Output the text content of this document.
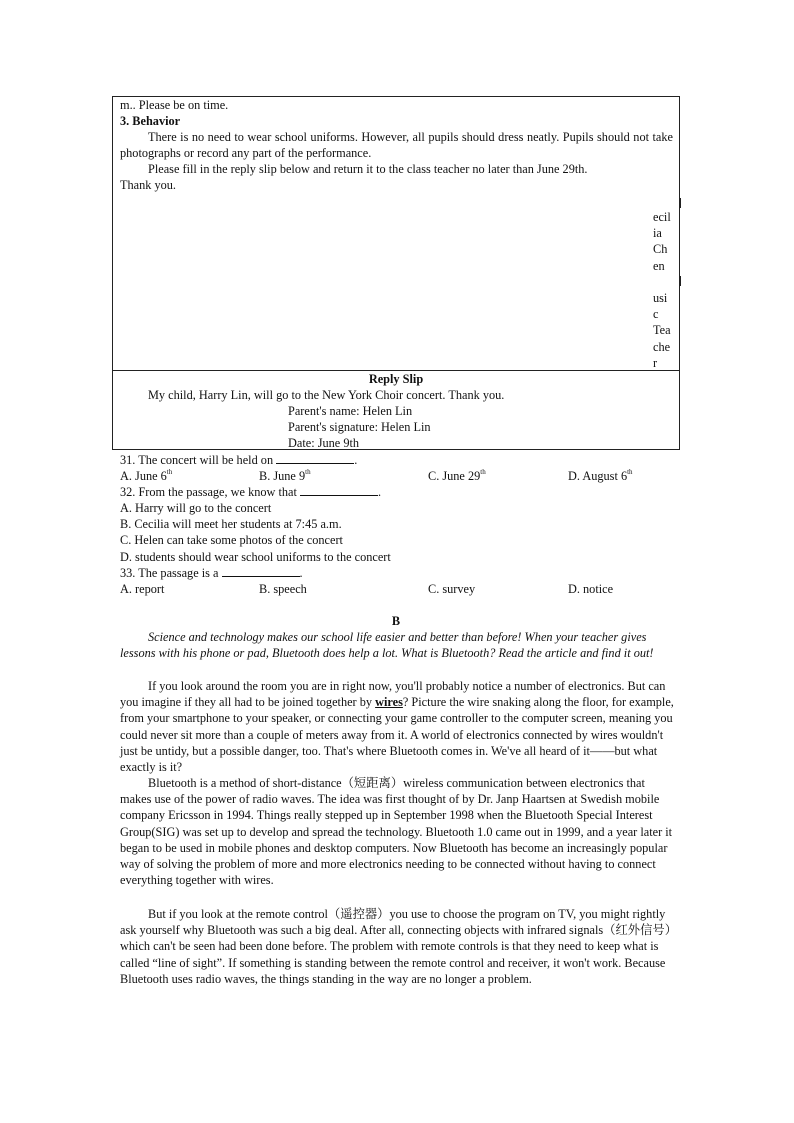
m.. Please be on time.
3. Behavior
There is no need to wear school uniforms. However, all pupils should dress neatly. Pupils should not take photographs or record any part of the performance.
Please fill in the reply slip below and return it to the class teacher no later than June 29th.
Thank you.
ecil
ia
Ch
en
usi
c
Tea
che
r
Reply Slip
My child, Harry Lin, will go to the New York Choir concert. Thank you.
Parent's name: Helen Lin
Parent's signature: Helen Lin
Date: June 9th
31. The concert will be held on	.
A. June 6th	B. June 9th	C. June 29th	D. August 6th
32. From the passage, we know that	.
A. Harry will go to the concert
B. Cecilia will meet her students at 7:45 a.m.
C. Helen can take some photos of the concert
D. students should wear school uniforms to the concert
33. The passage is a	.
A. report	B. speech	C. survey	D. notice
B
Science and technology makes our school life easier and better than before! When your teacher gives lessons with his phone or pad, Bluetooth does help a lot. What is Bluetooth? Read the article and find it out!
If you look around the room you are in right now, you'll probably notice a number of electronics. But can you imagine if they all had to be joined together by wires? Picture the wire snaking along the floor, for example, from your smartphone to your speaker, or connecting your game controller to the computer screen, meaning you could never sit more than a couple of meters away from it. A world of electronics connected by wires wouldn't just be untidy, but a possible danger, too. That's where Bluetooth comes in. We've all heard of it——but what exactly is it?
Bluetooth is a method of short-distance（短距离）wireless communication between electronics that makes use of the power of radio waves. The idea was first thought of by Dr. Janp Haartsen at Swedish mobile company Ericsson in 1994. Things really stepped up in September 1998 when the Bluetooth Special Interest Group(SIG) was set up to develop and spread the technology. Bluetooth 1.0 came out in 1999, and a year later it began to be used in mobile phones and desktop computers. Now Bluetooth has become an increasingly popular way of solving the problem of more and more electronics needing to be connected without having to connect everything together with wires.
But if you look at the remote control（遥控器）you use to choose the program on TV, you might rightly ask yourself why Bluetooth was such a big deal. After all, connecting objects with infrared signals（红外信号）which can't be seen had been done before. The problem with remote controls is that they need to keep what is called “line of sight”. If something is standing between the remote control and receiver, it won't work. Because Bluetooth uses radio waves, the things standing in the way are no longer a problem.
